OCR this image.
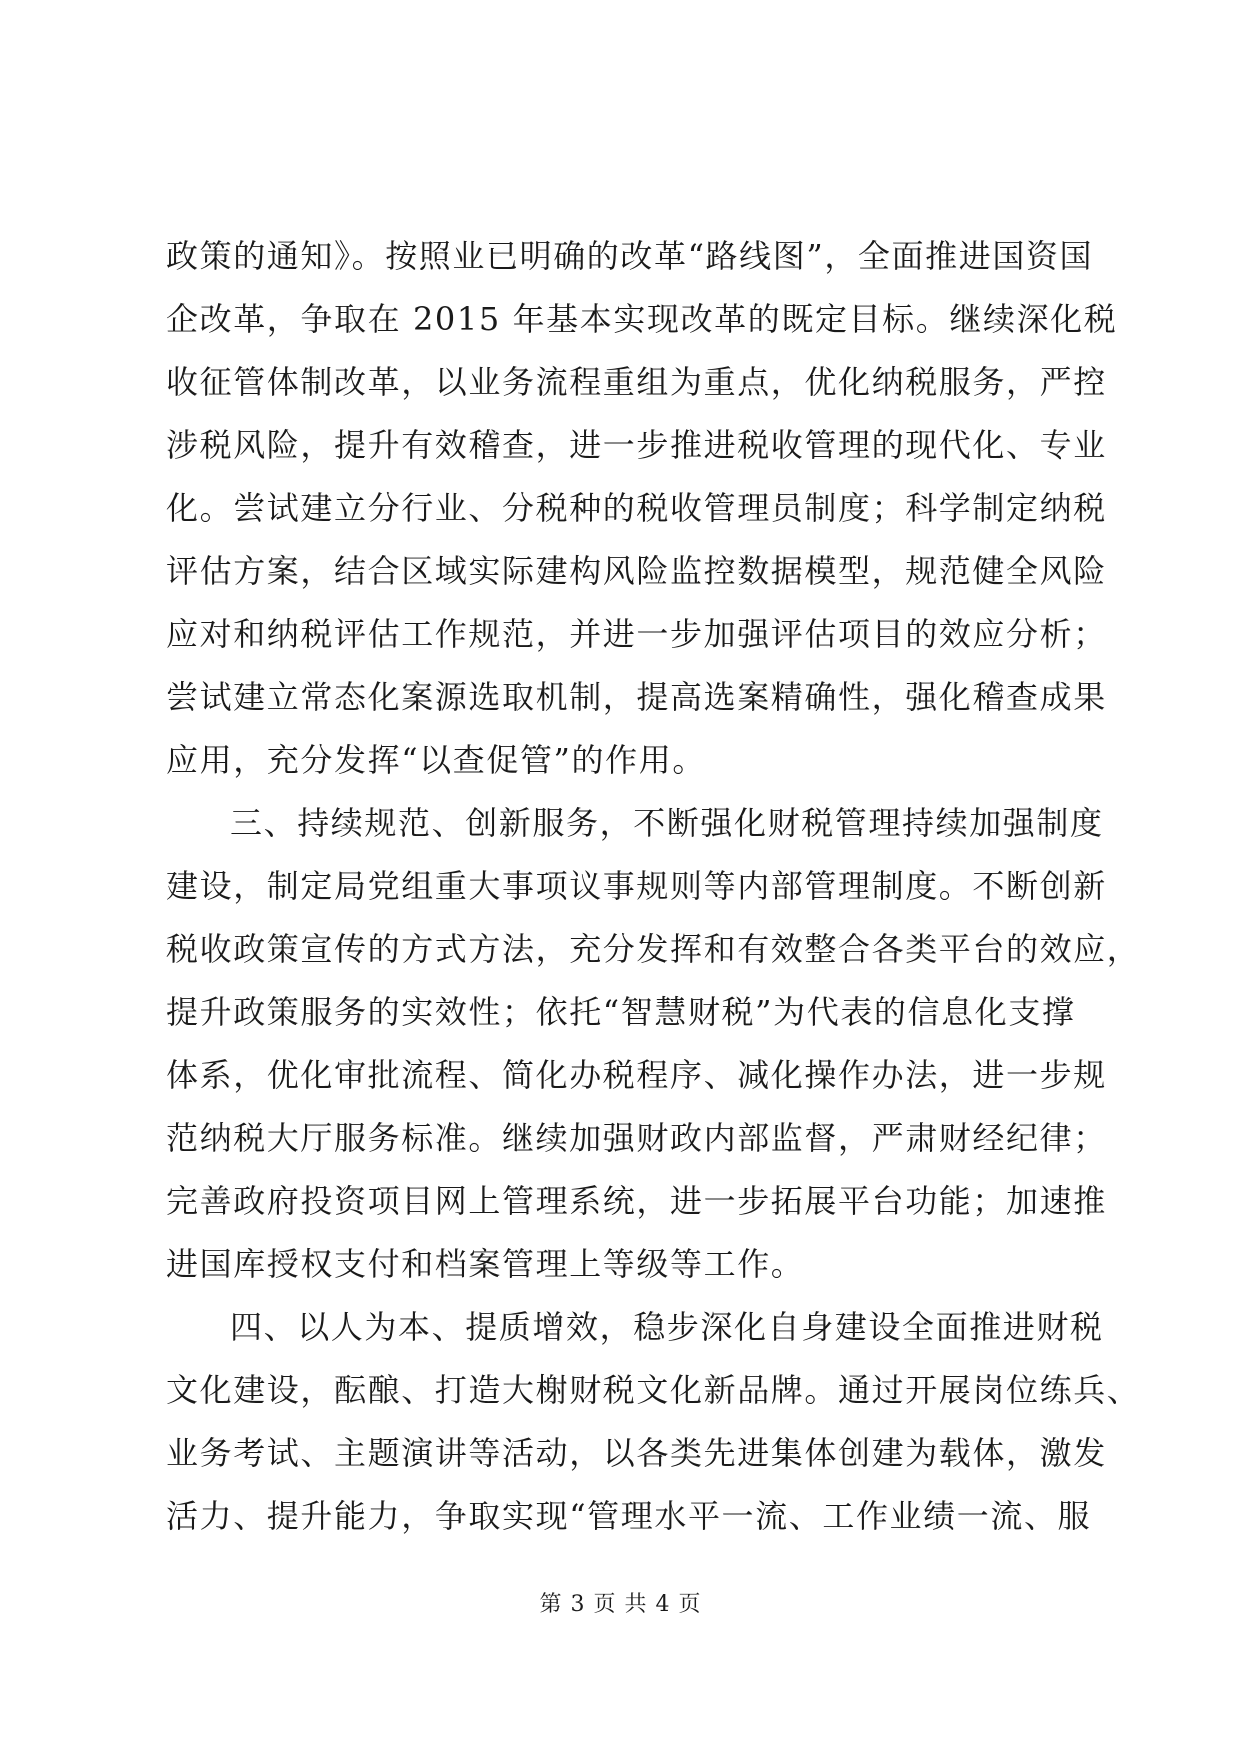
政策的通知》。按照业已明确的改革“路线图”，全面推进国资国
企改革，争取在 2015 年基本实现改革的既定目标。继续深化税
收征管体制改革，以业务流程重组为重点，优化纳税服务，严控
涉税风险，提升有效稽查，进一步推进税收管理的现代化、专业
化。尝试建立分行业、分税种的税收管理员制度；科学制定纳税
评估方案，结合区域实际建构风险监控数据模型，规范健全风险
应对和纳税评估工作规范，并进一步加强评估项目的效应分析；
尝试建立常态化案源选取机制，提高选案精确性，强化稽查成果
应用，充分发挥“以查促管”的作用。
三、持续规范、创新服务，不断强化财税管理持续加强制度
建设，制定局党组重大事项议事规则等内部管理制度。不断创新
税收政策宣传的方式方法，充分发挥和有效整合各类平台的效应，
提升政策服务的实效性；依托“智慧财税”为代表的信息化支撑
体系，优化审批流程、简化办税程序、减化操作办法，进一步规
范纳税大厅服务标准。继续加强财政内部监督，严肃财经纪律；
完善政府投资项目网上管理系统，进一步拓展平台功能；加速推
进国库授权支付和档案管理上等级等工作。
四、以人为本、提质增效，稳步深化自身建设全面推进财税
文化建设，酝酿、打造大榭财税文化新品牌。通过开展岗位练兵、
业务考试、主题演讲等活动，以各类先进集体创建为载体，激发
活力、提升能力，争取实现“管理水平一流、工作业绩一流、服
第 3 页 共 4 页
